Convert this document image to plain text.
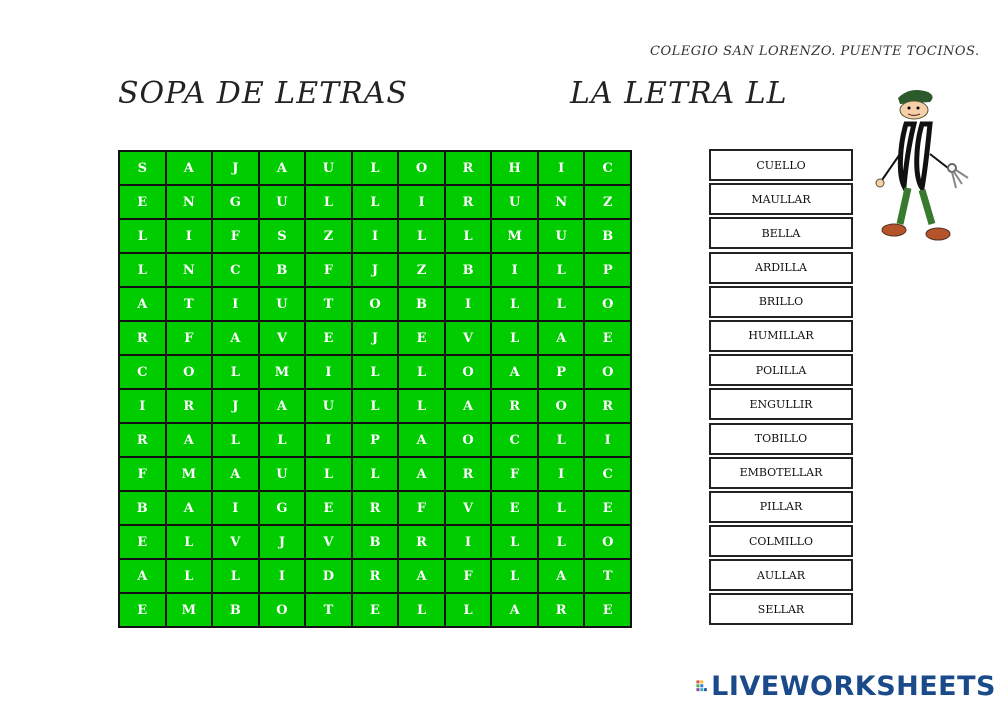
COLEGIO SAN LORENZO. PUENTE TOCINOS.
SOPA DE LETRAS	LA LETRA LL
S	A	J	A	U	L	O	R	H	I	C
E	N	G	U	L	L	I	R	U	N	Z
L	I	F	S	Z	I	L	L	M	U	B
L	N	C	B	F	J	Z	B	I	L	P
A	T	I	U	T	O	B	I	L	L	O
R	F	A	V	E	J	E	V	L	A	E
C	O	L	M	I	L	L	O	A	P	O
I	R	J	A	U	L	L	A	R	O	R
R	A	L	L	I	P	A	O	C	L	I
F	M	A	U	L	L	A	R	F	I	C
B	A	I	G	E	R	F	V	E	L	E
E	L	V	J	V	B	R	I	L	L	O
A	L	L	I	D	R	A	F	L	A	T
E	M	B	O	T	E	L	L	A	R	E
CUELLO
MAULLAR
BELLA
ARDILLA
BRILLO
HUMILLAR
POLILLA
ENGULLIR
TOBILLO
EMBOTELLAR
PILLAR
COLMILLO
AULLAR
SELLAR
LIVEWORKSHEETS
